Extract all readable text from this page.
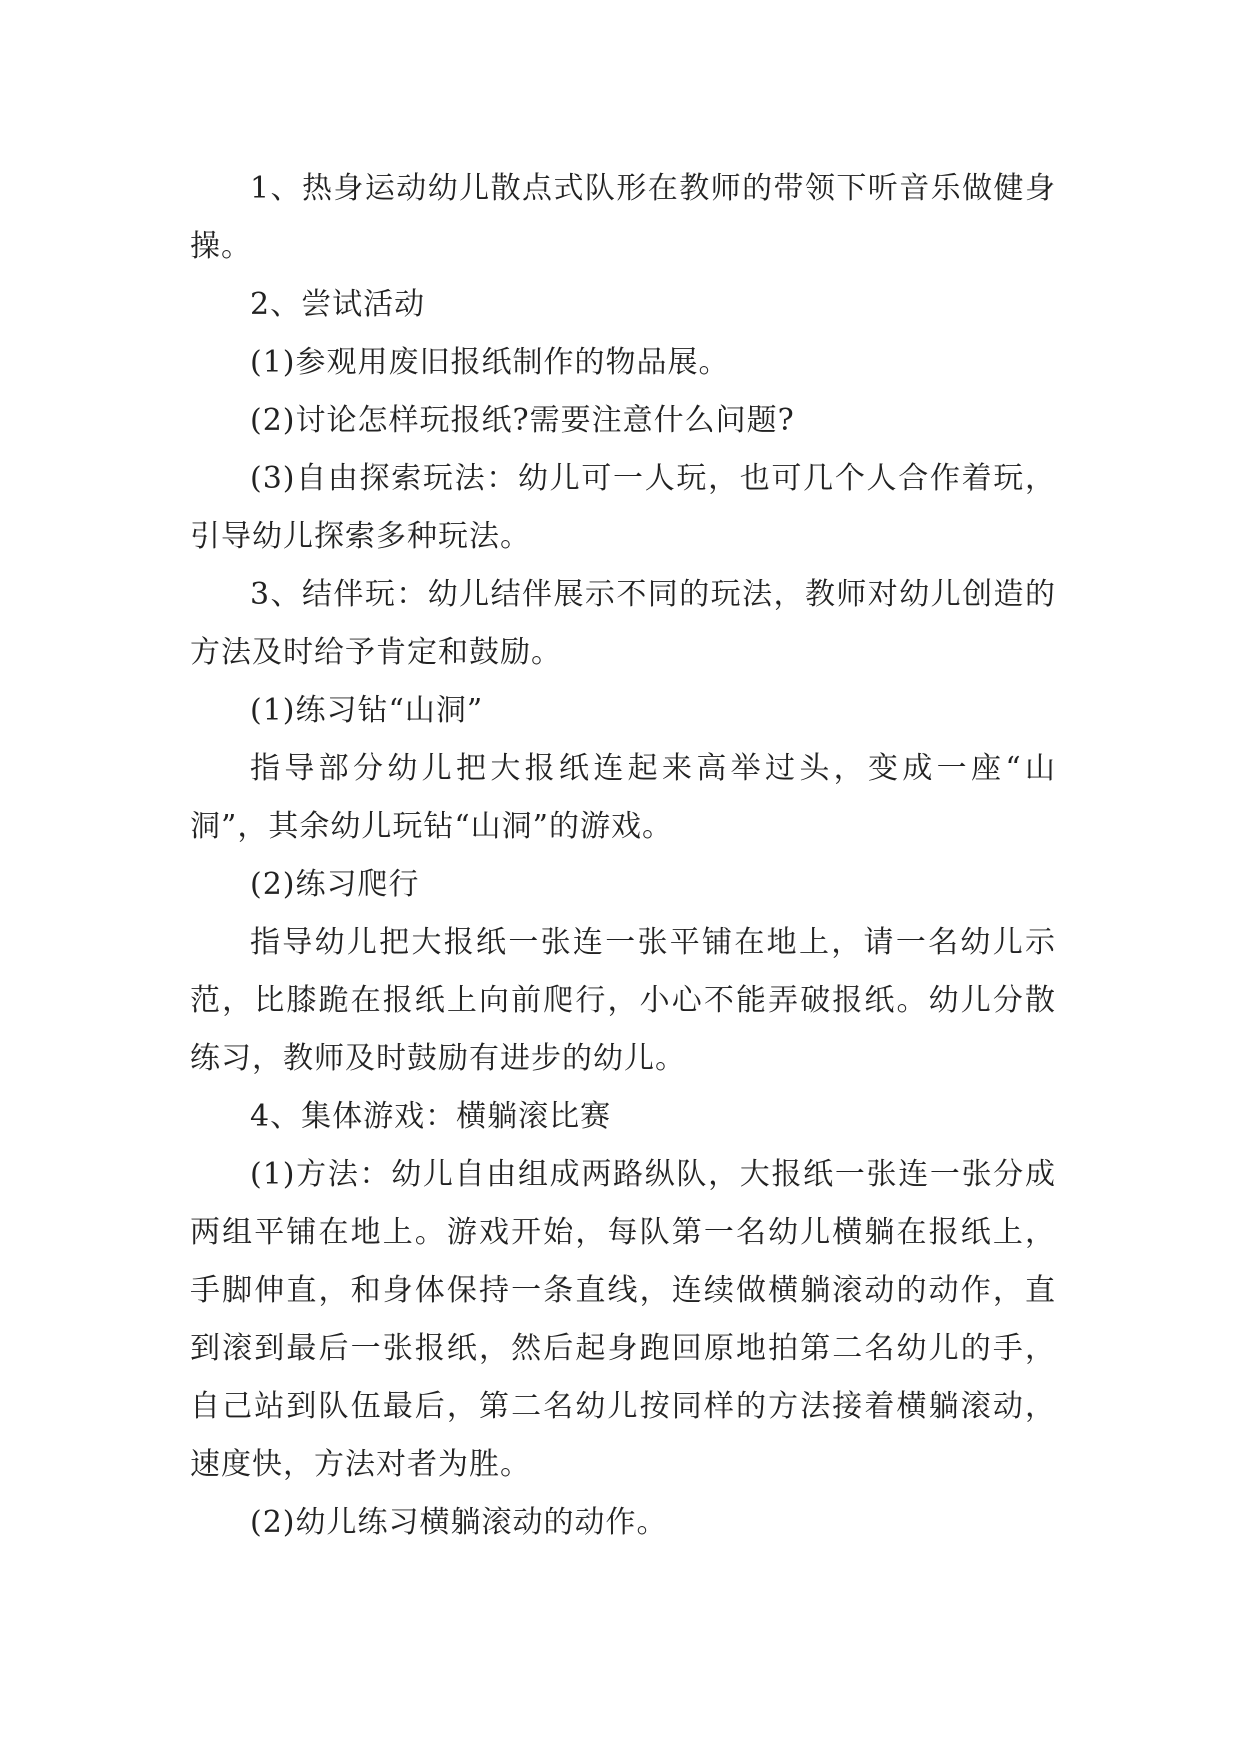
1、热身运动幼儿散点式队形在教师的带领下听音乐做健身操。

2、尝试活动

(1)参观用废旧报纸制作的物品展。

(2)讨论怎样玩报纸?需要注意什么问题?

(3)自由探索玩法：幼儿可一人玩，也可几个人合作着玩，引导幼儿探索多种玩法。

3、结伴玩：幼儿结伴展示不同的玩法，教师对幼儿创造的方法及时给予肯定和鼓励。

(1)练习钻“山洞”

指导部分幼儿把大报纸连起来高举过头，变成一座“山洞”，其余幼儿玩钻“山洞”的游戏。

(2)练习爬行

指导幼儿把大报纸一张连一张平铺在地上，请一名幼儿示范，比膝跪在报纸上向前爬行，小心不能弄破报纸。幼儿分散练习，教师及时鼓励有进步的幼儿。

4、集体游戏：横躺滚比赛

(1)方法：幼儿自由组成两路纵队，大报纸一张连一张分成两组平铺在地上。游戏开始，每队第一名幼儿横躺在报纸上，手脚伸直，和身体保持一条直线，连续做横躺滚动的动作，直到滚到最后一张报纸，然后起身跑回原地拍第二名幼儿的手，自己站到队伍最后，第二名幼儿按同样的方法接着横躺滚动，速度快，方法对者为胜。

(2)幼儿练习横躺滚动的动作。
